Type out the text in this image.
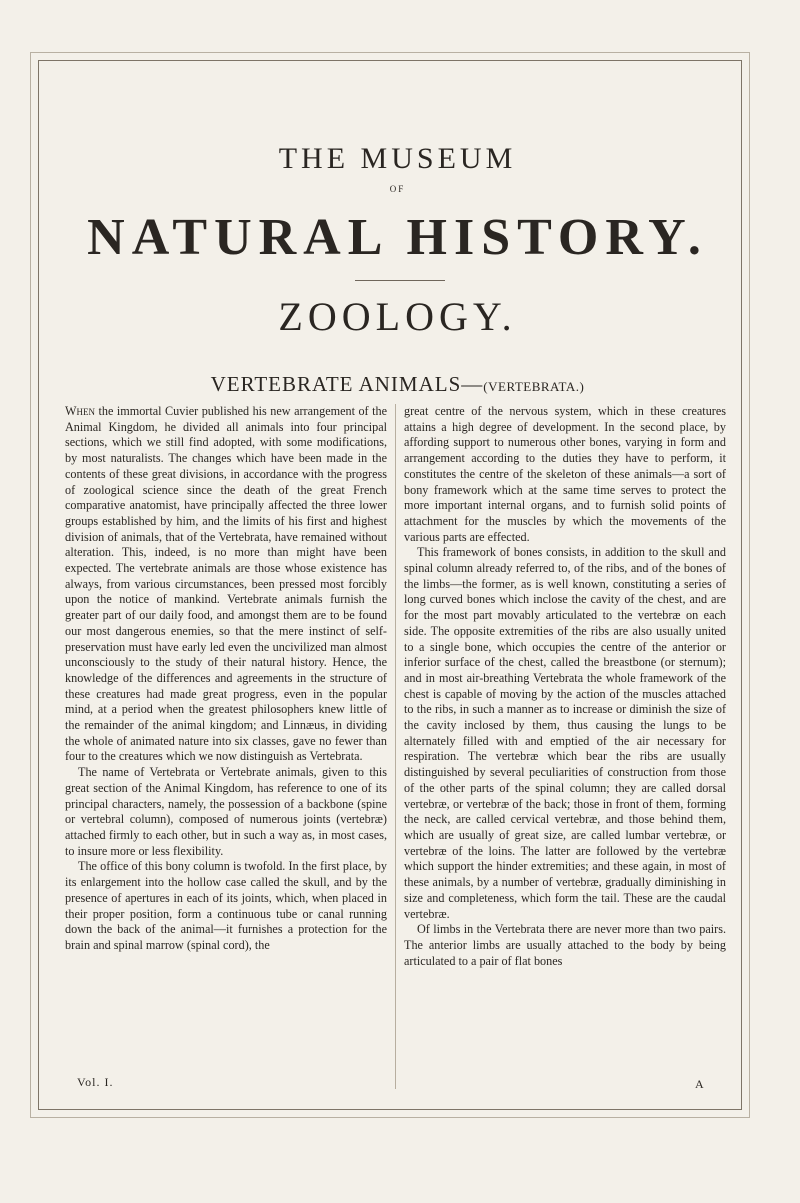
THE MUSEUM
OF
NATURAL HISTORY.
ZOOLOGY.
VERTEBRATE ANIMALS—(VERTEBRATA.)

When the immortal Cuvier published his new arrangement of the Animal Kingdom, he divided all animals into four principal sections, which we still find adopted, with some modifications, by most naturalists. The changes which have been made in the contents of these great divisions, in accordance with the progress of zoological science since the death of the great French comparative anatomist, have principally affected the three lower groups established by him, and the limits of his first and highest division of animals, that of the Vertebrata, have remained without alteration. This, indeed, is no more than might have been expected. The vertebrate animals are those whose existence has always, from various circumstances, been pressed most forcibly upon the notice of mankind. Vertebrate animals furnish the greater part of our daily food, and amongst them are to be found our most dangerous enemies, so that the mere instinct of self-preservation must have early led even the uncivilized man almost unconsciously to the study of their natural history. Hence, the knowledge of the differences and agreements in the structure of these creatures had made great progress, even in the popular mind, at a period when the greatest philosophers knew little of the remainder of the animal kingdom; and Linnæus, in dividing the whole of animated nature into six classes, gave no fewer than four to the creatures which we now distinguish as Vertebrata.

The name of Vertebrata or Vertebrate animals, given to this great section of the Animal Kingdom, has reference to one of its principal characters, namely, the possession of a backbone (spine or vertebral column), composed of numerous joints (vertebræ) attached firmly to each other, but in such a way as, in most cases, to insure more or less flexibility.

The office of this bony column is twofold. In the first place, by its enlargement into the hollow case called the skull, and by the presence of apertures in each of its joints, which, when placed in their proper position, form a continuous tube or canal running down the back of the animal—it furnishes a protection for the brain and spinal marrow (spinal cord), the

great centre of the nervous system, which in these creatures attains a high degree of development. In the second place, by affording support to numerous other bones, varying in form and arrangement according to the duties they have to perform, it constitutes the centre of the skeleton of these animals—a sort of bony framework which at the same time serves to protect the more important internal organs, and to furnish solid points of attachment for the muscles by which the movements of the various parts are effected.

This framework of bones consists, in addition to the skull and spinal column already referred to, of the ribs, and of the bones of the limbs—the former, as is well known, constituting a series of long curved bones which inclose the cavity of the chest, and are for the most part movably articulated to the vertebræ on each side. The opposite extremities of the ribs are also usually united to a single bone, which occupies the centre of the anterior or inferior surface of the chest, called the breastbone (or sternum); and in most air-breathing Vertebrata the whole framework of the chest is capable of moving by the action of the muscles attached to the ribs, in such a manner as to increase or diminish the size of the cavity inclosed by them, thus causing the lungs to be alternately filled with and emptied of the air necessary for respiration. The vertebræ which bear the ribs are usually distinguished by several peculiarities of construction from those of the other parts of the spinal column; they are called dorsal vertebræ, or vertebræ of the back; those in front of them, forming the neck, are called cervical vertebræ, and those behind them, which are usually of great size, are called lumbar vertebræ, or vertebræ of the loins. The latter are followed by the vertebræ which support the hinder extremities; and these again, in most of these animals, by a number of vertebræ, gradually diminishing in size and completeness, which form the tail. These are the caudal vertebræ.

Of limbs in the Vertebrata there are never more than two pairs. The anterior limbs are usually attached to the body by being articulated to a pair of flat bones

Vol. I.	A
